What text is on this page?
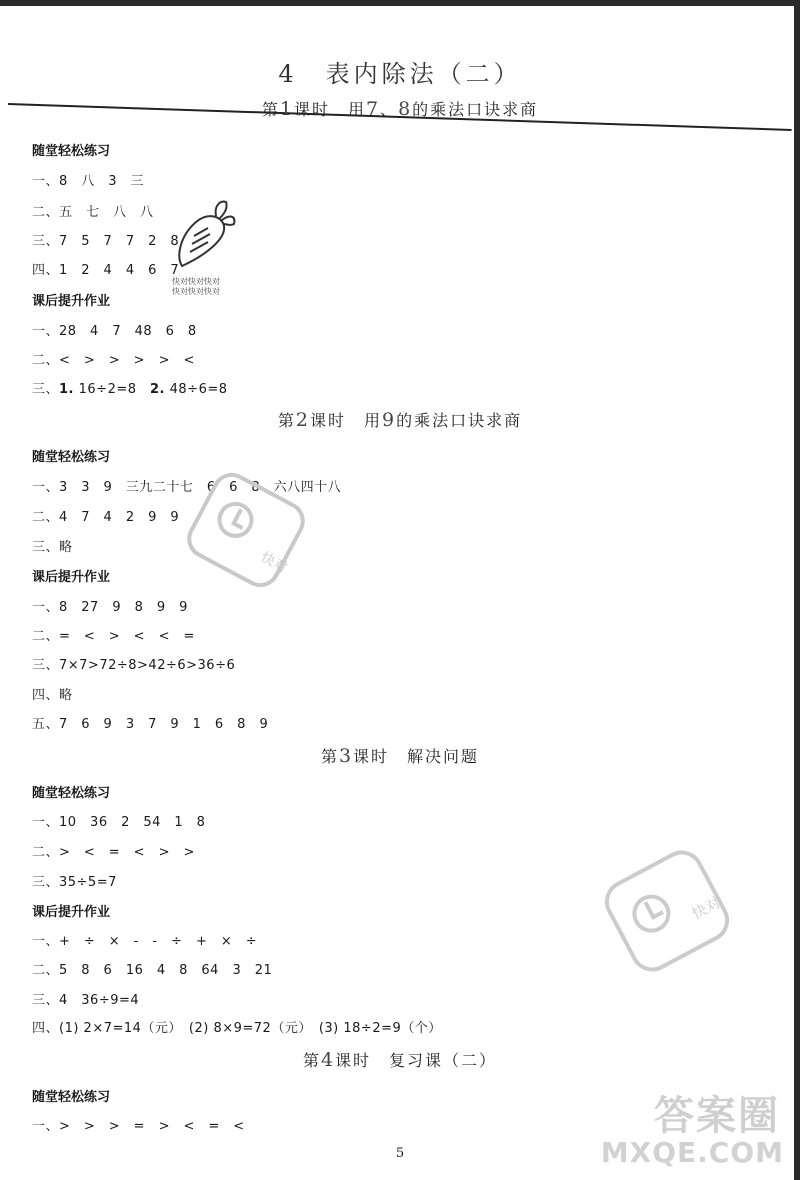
4　 表内除法（二）
第1课时　用7、8的乘法口诀求商
随堂轻松练习
一、8　八　3　三
二、五　七　八　八
三、7　5　7　7　2　8
四、1　2　4　4　6　7
快对快对快对
快对快对快对
课后提升作业
一、28　4　7　48　6　8
二、<　>　>　>　>　<
三、1. 16÷2=8　2. 48÷6=8
第2课时　用9的乘法口诀求商
随堂轻松练习
一、3　3　9　三九二十七　6　6　8　六八四十八
二、4　7　4　2　9　9
三、略
快对
课后提升作业
一、8　27　9　8　9　9
二、=　<　>　<　<　=
三、7×7>72÷8>42÷6>36÷6
四、略
五、7　6　9　3　7　9　1　6　8　9
第3课时　解决问题
随堂轻松练习
一、10　36　2　54　1　8
二、>　<　=　<　>　>
三、35÷5=7
快对
课后提升作业
一、+　÷　×　-　-　÷　+　×　÷
二、5　8　6　16　4　8　64　3　21
三、4　36÷9=4
四、(1) 2×7=14（元）　(2) 8×9=72（元）　(3) 18÷2=9（个）
第4课时　复习课（二）
随堂轻松练习
一、>　>　>　=　>　<　=　<
5
答案圈
MXQE.COM
